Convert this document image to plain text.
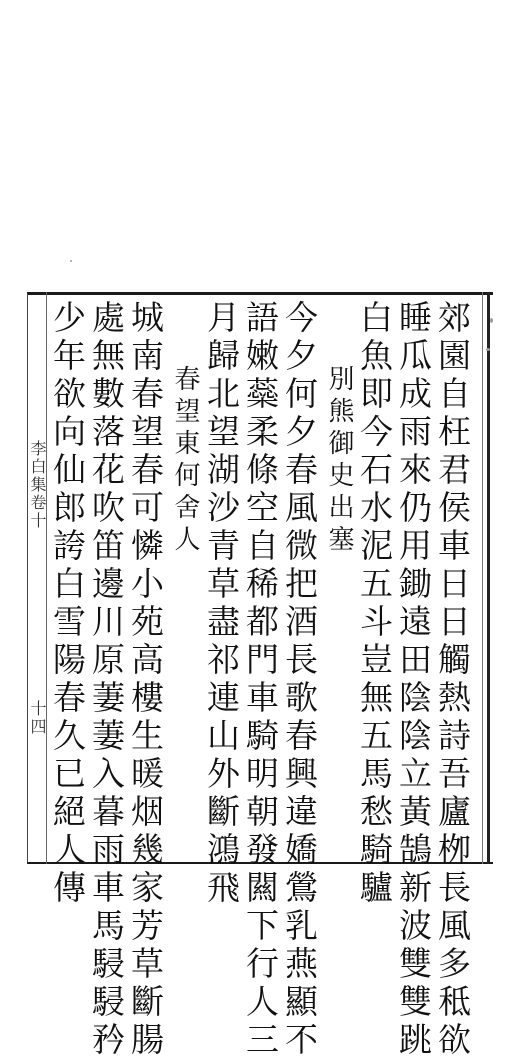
郊園自枉君侯車日日觸熱詩吾廬栁長風多秪欲
睡瓜成雨來仍用鋤遠田陰陰立黃鵠新波雙雙跳
白魚即今石水泥五斗豈無五馬愁騎驢
別熊御史出塞
今夕何夕春風微把酒長歌春興違嬌鶯乳燕顯不
語嫩蘂柔條空自稀都門車騎明朝發闗下行人三
月歸北望湖沙青草盡祁連山外斷鴻飛
春望東何舍人
城南春望春可憐小苑高樓生暖烟幾家芳草斷腸
處無數落花吹笛邊川原萋萋入暮雨車馬駸駸矜
少年欲向仙郎誇白雪陽春久已絕人傳
李白集卷十
十四
